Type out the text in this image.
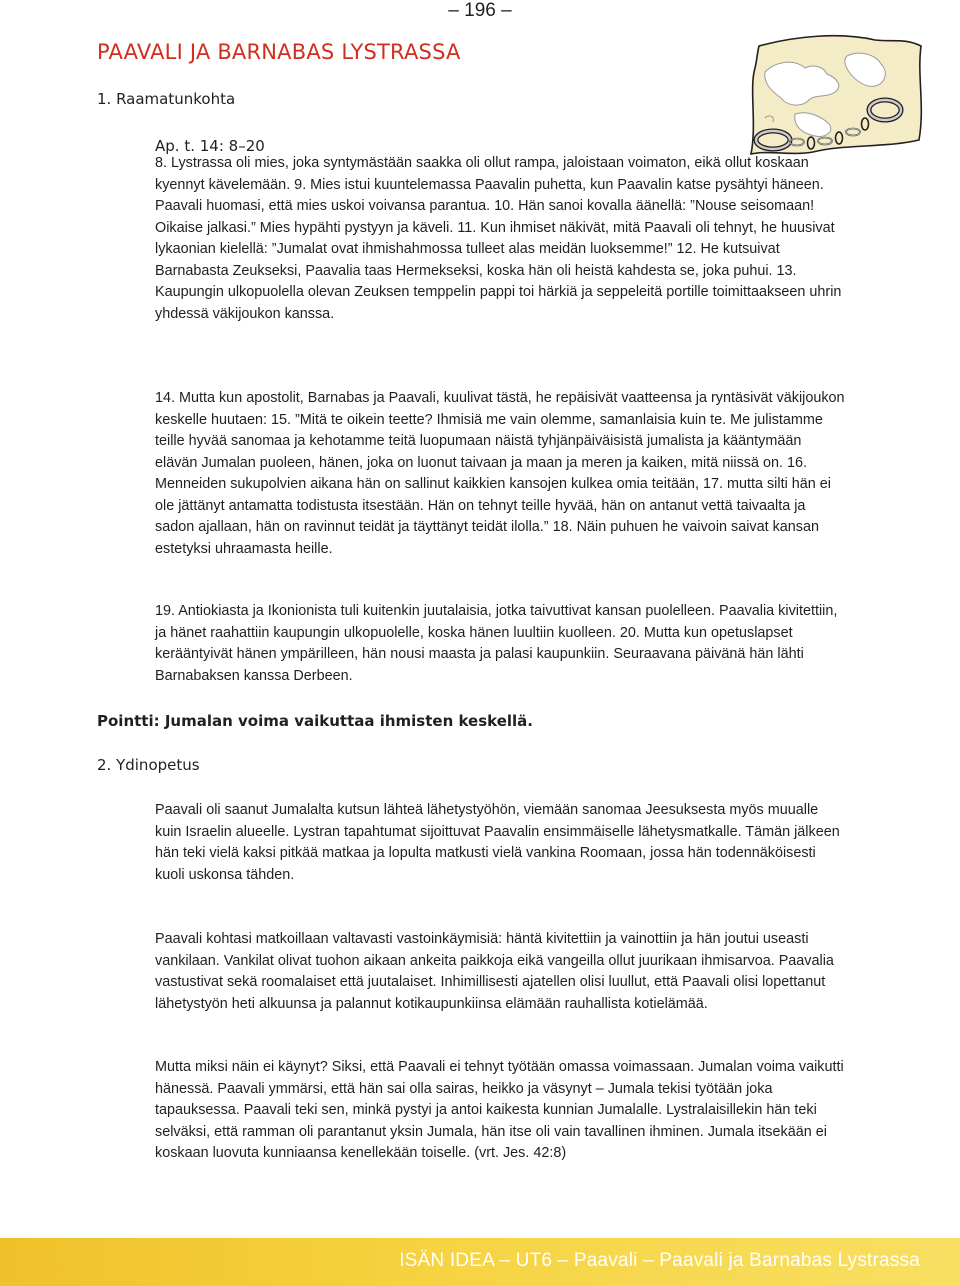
– 196 –
PAAVALI JA BARNABAS LYSTRASSA
1. Raamatunkohta
Ap. t. 14: 8–20

8. Lystrassa oli mies, joka syntymästään saakka oli ollut rampa, jaloistaan voimaton, eikä ollut koskaan kyennyt kävelemään. 9. Mies istui kuuntelemassa Paavalin puhetta, kun Paavalin katse pysähtyi häneen. Paavali huomasi, että mies uskoi voivansa parantua. 10. Hän sanoi kovalla äänellä: ”Nouse seisomaan! Oikaise jalkasi.” Mies hypähti pystyyn ja käveli. 11. Kun ihmiset näkivät, mitä Paavali oli tehnyt, he huusivat lykaonian kielellä: ”Jumalat ovat ihmishahmossa tulleet alas meidän luoksemme!” 12. He kutsuivat Barnabasta Zeukseksi, Paavalia taas Hermekseksi, koska hän oli heistä kahdesta se, joka puhui. 13. Kaupungin ulkopuolella olevan Zeuksen temppelin pappi toi härkiä ja seppeleitä portille toimittaakseen uhrin yhdessä väkijoukon kanssa.

14. Mutta kun apostolit, Barnabas ja Paavali, kuulivat tästä, he repäisivät vaatteensa ja ryntäsivät väkijoukon keskelle huutaen: 15. ”Mitä te oikein teette? Ihmisiä me vain olemme, samanlaisia kuin te. Me julistamme teille hyvää sanomaa ja kehotamme teitä luopumaan näistä tyhjänpäiväisistä jumalista ja kääntymään elävän Jumalan puoleen, hänen, joka on luonut taivaan ja maan ja meren ja kaiken, mitä niissä on. 16. Menneiden sukupolvien aikana hän on sallinut kaikkien kansojen kulkea omia teitään, 17. mutta silti hän ei ole jättänyt antamatta todistusta itsestään. Hän on tehnyt teille hyvää, hän on antanut vettä taivaalta ja sadon ajallaan, hän on ravinnut teidät ja täyttänyt teidät ilolla.” 18. Näin puhuen he vaivoin saivat kansan estetyksi uhraamasta heille.

19. Antiokiasta ja Ikonionista tuli kuitenkin juutalaisia, jotka taivuttivat kansan puolelleen. Paavalia kivitettiin, ja hänet raahattiin kaupungin ulkopuolelle, koska hänen luultiin kuolleen. 20. Mutta kun opetuslapset kerääntyivät hänen ympärilleen, hän nousi maasta ja palasi kaupunkiin. Seuraavana päivänä hän lähti Barnabaksen kanssa Derbeen.

Pointti: Jumalan voima vaikuttaa ihmisten keskellä.
2. Ydinopetus

Paavali oli saanut Jumalalta kutsun lähteä lähetystyöhön, viemään sanomaa Jeesuksesta myös muualle kuin Israelin alueelle. Lystran tapahtumat sijoittuvat Paavalin ensimmäiselle lähetysmatkalle. Tämän jälkeen hän teki vielä kaksi pitkää matkaa ja lopulta matkusti vielä vankina Roomaan, jossa hän todennäköisesti kuoli uskonsa tähden.

Paavali kohtasi matkoillaan valtavasti vastoinkäymisiä: häntä kivitettiin ja vainottiin ja hän joutui useasti vankilaan. Vankilat olivat tuohon aikaan ankeita paikkoja eikä vangeilla ollut juurikaan ihmisarvoa. Paavalia vastustivat sekä roomalaiset että juutalaiset. Inhimillisesti ajatellen olisi luullut, että Paavali olisi lopettanut lähetystyön heti alkuunsa ja palannut kotikaupunkiinsa elämään rauhallista kotielämää.

Mutta miksi näin ei käynyt? Siksi, että Paavali ei tehnyt työtään omassa voimassaan. Jumalan voima vaikutti hänessä. Paavali ymmärsi, että hän sai olla sairas, heikko ja väsynyt – Jumala tekisi työtään joka tapauksessa. Paavali teki sen, minkä pystyi ja antoi kaikesta kunnian Jumalalle. Lystralaisillekin hän teki selväksi, että ramman oli parantanut yksin Jumala, hän itse oli vain tavallinen ihminen. Jumala itsekään ei koskaan luovuta kunniaansa kenellekään toiselle. (vrt. Jes. 42:8)

ISÄN IDEA – UT6 – Paavali – Paavali ja Barnabas Lystrassa
